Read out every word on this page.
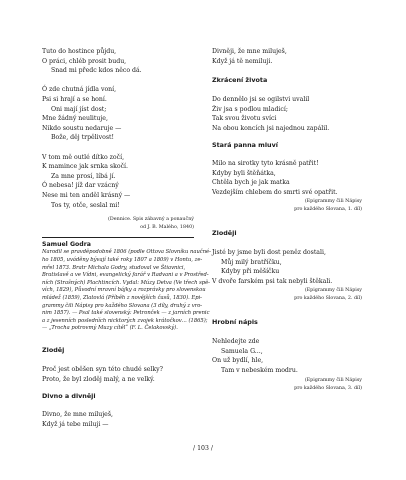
Tuto do hostince půjdu,
O práci, chléb prosit budu,
Snad mi předc kdos něco dá.
Ó zde chutná jídla voní,
Psi si hrají a se honí.
Oni mají jíst dost;
Mne žádný neulituje,
Nikdo soustu nedaruje —
Bože, děj trpělivost!
V tom mě outlé dítko zočí,
K mamince jak srnka skočí.
Za mne prosí, líbá jí.
Ó nebesa! jíž dar vzácný
Nese mi ten anděl krásný —
Tos ty, otče, seslal mi!
(Dennice. Spis zábavný a ponaučný
od J. B. Malého, 1840)
Samuel Godra
Narodil se pravděpodobně 1806 (podle Ottova Slovníku naučné-
ho 1805, uváděny bývají také roky 1807 a 1809) v Hontu, ze-
mřel 1873. Bratr Michala Godry, studoval ve Štiavnici,
Bratislavě a ve Vídni, evangelický farář v Radvani a v Prostřed-
ních (Strašných) Plachtincích. Vydal: Múzy Detva (Ve třech spě-
vích, 1829), Původní mravní bájky a rozprávky pro slovenskou
mládež (1859), Zlatovlá (Příběh z novějších časů, 1830). Epi-
grammy čili Nápisy pro každého Slovana (3 díly, druhý z vro-
nim 1857). — Psal také slovenský: Petronček — z jarních prenic
a z jesenních poslední̇ch nicktorých zvojek krátočkov… (1865);
— „Trocha potrovmý Muzy cítěl“ (F. L. Čelakovský).
Zloděj
Proč jest oběšen syn této chudé selky?
Proto, že byl zloděj malý, a ne velký.
Divno a divněji
Divno, že mne miluješ,
Když já tebe miluji —
Divněji, že mne miluješ,
Když já tě nemiluji.
Zkrácení života
Do dennělo jsi se ogilstvi uvalil
Živ jsa s podlou mladicí;
Tak svou životu svíci
Na obou koncích jsi najednou zapálil.
Stará panna mluví
Milo na sirotky tyto krásně patřit!
Kdyby byli štěňátka,
Chtěla bych je jak matka
Vezdejším chlebem do smrti své opatřit.
(Epigrammy čili Nápisy
pro každého Slovana, 1. díl)
Zloději
Jisté by jsme byli dost peněz dostali,
Můj milý bratříčku,
Kdyby při měšíčku
V dvoře farském psi tak nebyli štěkali.
(Epigrammy čili Nápisy
pro každého Slovana, 2. díl)
Hrobní nápis
Nehledejte zde
Samuela G...,
On už bydlí, hle,
Tam v nebeském modru.
(Epigrammy čili Nápisy
pro každého Slovana, 3. díl)
/ 103 /
